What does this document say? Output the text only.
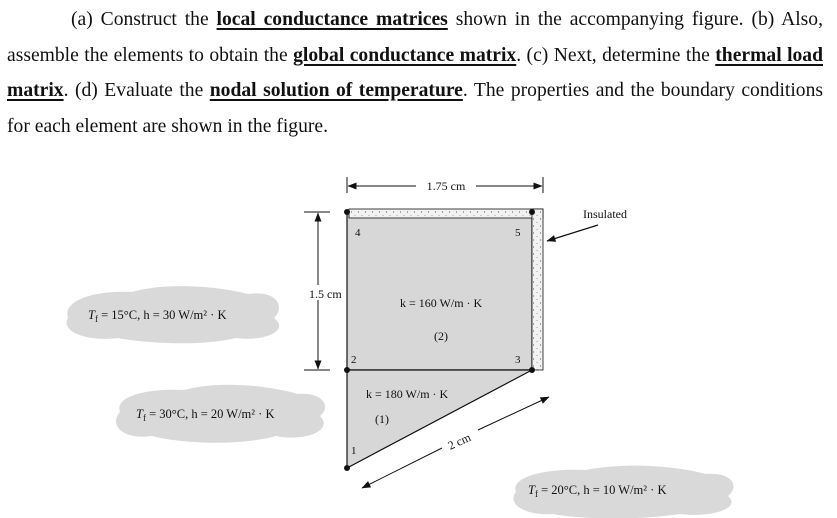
(a) Construct the local conductance matrices shown in the accompanying figure. (b) Also, assemble the elements to obtain the global conductance matrix. (c) Next, determine the thermal load matrix. (d) Evaluate the nodal solution of temperature. The properties and the boundary conditions for each element are shown in the figure.

1
2	3
4	5
1.75 cm
1.5 cm
2 cm
Insulated
k = 160 W/m · K
(2)
k = 180 W/m · K
(1)
$T_f = 15^\circ C$, h = 30 W/m² · K
$T_f = 30^\circ C$, h = 20 W/m² · K
$T_f = 20^\circ C$, h = 10 W/m² · K
